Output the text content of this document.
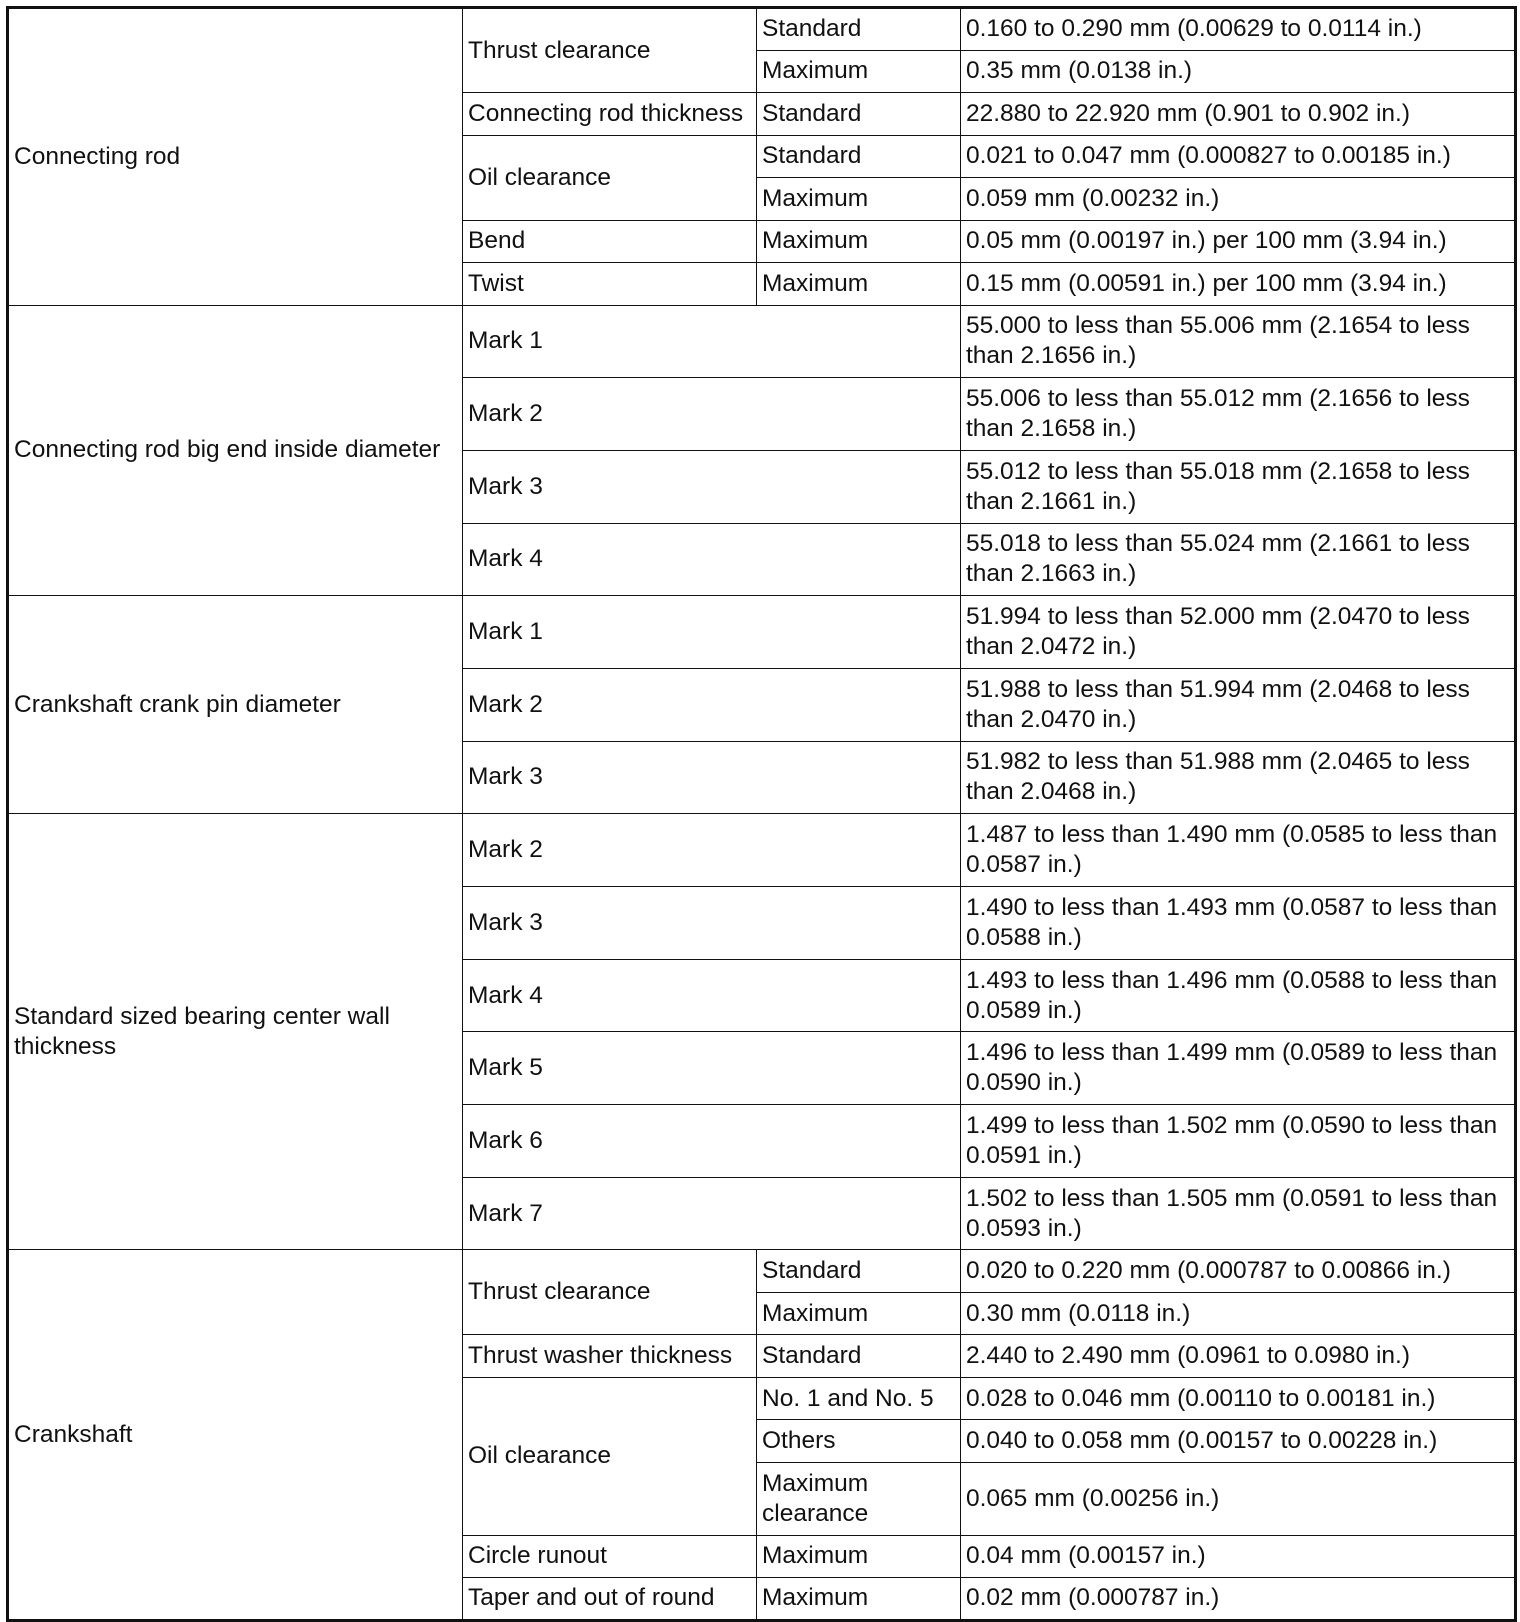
Connecting rod	Thrust clearance	Standard	0.160 to 0.290 mm (0.00629 to 0.0114 in.)
		Maximum	0.35 mm (0.0138 in.)
	Connecting rod thickness	Standard	22.880 to 22.920 mm (0.901 to 0.902 in.)
	Oil clearance	Standard	0.021 to 0.047 mm (0.000827 to 0.00185 in.)
		Maximum	0.059 mm (0.00232 in.)
	Bend	Maximum	0.05 mm (0.00197 in.) per 100 mm (3.94 in.)
	Twist	Maximum	0.15 mm (0.00591 in.) per 100 mm (3.94 in.)
Connecting rod big end inside diameter	Mark 1		55.000 to less than 55.006 mm (2.1654 to less than 2.1656 in.)
	Mark 2		55.006 to less than 55.012 mm (2.1656 to less than 2.1658 in.)
	Mark 3		55.012 to less than 55.018 mm (2.1658 to less than 2.1661 in.)
	Mark 4		55.018 to less than 55.024 mm (2.1661 to less than 2.1663 in.)
Crankshaft crank pin diameter	Mark 1		51.994 to less than 52.000 mm (2.0470 to less than 2.0472 in.)
	Mark 2		51.988 to less than 51.994 mm (2.0468 to less than 2.0470 in.)
	Mark 3		51.982 to less than 51.988 mm (2.0465 to less than 2.0468 in.)
Standard sized bearing center wall
thickness	Mark 2		1.487 to less than 1.490 mm (0.0585 to less than 0.0587 in.)
	Mark 3		1.490 to less than 1.493 mm (0.0587 to less than 0.0588 in.)
	Mark 4		1.493 to less than 1.496 mm (0.0588 to less than 0.0589 in.)
	Mark 5		1.496 to less than 1.499 mm (0.0589 to less than 0.0590 in.)
	Mark 6		1.499 to less than 1.502 mm (0.0590 to less than 0.0591 in.)
	Mark 7		1.502 to less than 1.505 mm (0.0591 to less than 0.0593 in.)
Crankshaft	Thrust clearance	Standard	0.020 to 0.220 mm (0.000787 to 0.00866 in.)
		Maximum	0.30 mm (0.0118 in.)
	Thrust washer thickness	Standard	2.440 to 2.490 mm (0.0961 to 0.0980 in.)
	Oil clearance	No. 1 and No. 5	0.028 to 0.046 mm (0.00110 to 0.00181 in.)
		Others	0.040 to 0.058 mm (0.00157 to 0.00228 in.)
		Maximum
clearance	0.065 mm (0.00256 in.)
	Circle runout	Maximum	0.04 mm (0.00157 in.)
	Taper and out of round	Maximum	0.02 mm (0.000787 in.)
